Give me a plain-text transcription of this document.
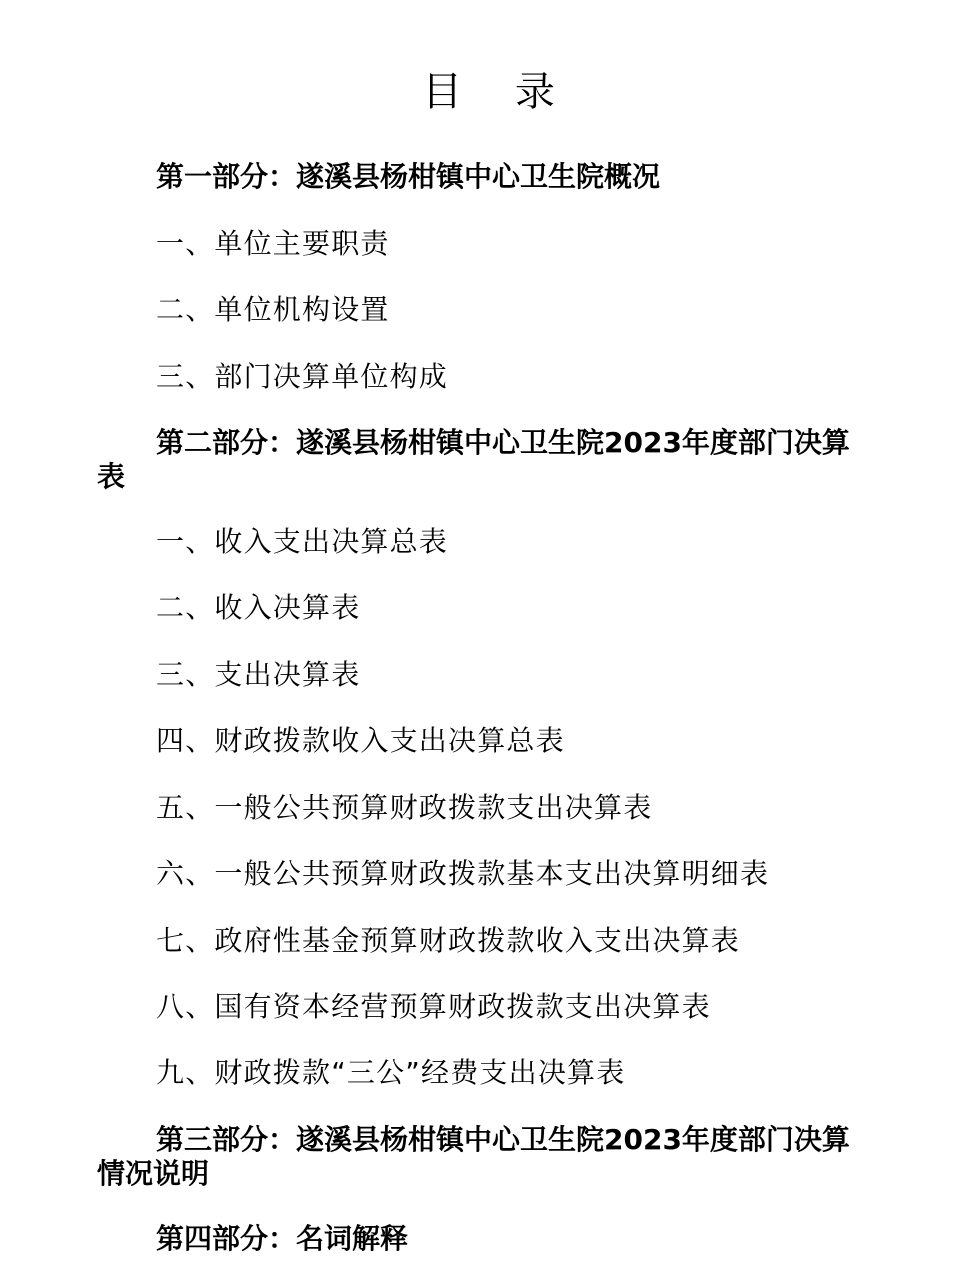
目 录
第一部分：遂溪县杨柑镇中心卫生院概况
一、单位主要职责
二、单位机构设置
三、部门决算单位构成
第二部分：遂溪县杨柑镇中心卫生院2023年度部门决算表
一、收入支出决算总表
二、收入决算表
三、支出决算表
四、财政拨款收入支出决算总表
五、一般公共预算财政拨款支出决算表
六、一般公共预算财政拨款基本支出决算明细表
七、政府性基金预算财政拨款收入支出决算表
八、国有资本经营预算财政拨款支出决算表
九、财政拨款“三公”经费支出决算表
第三部分：遂溪县杨柑镇中心卫生院2023年度部门决算情况说明
第四部分：名词解释
